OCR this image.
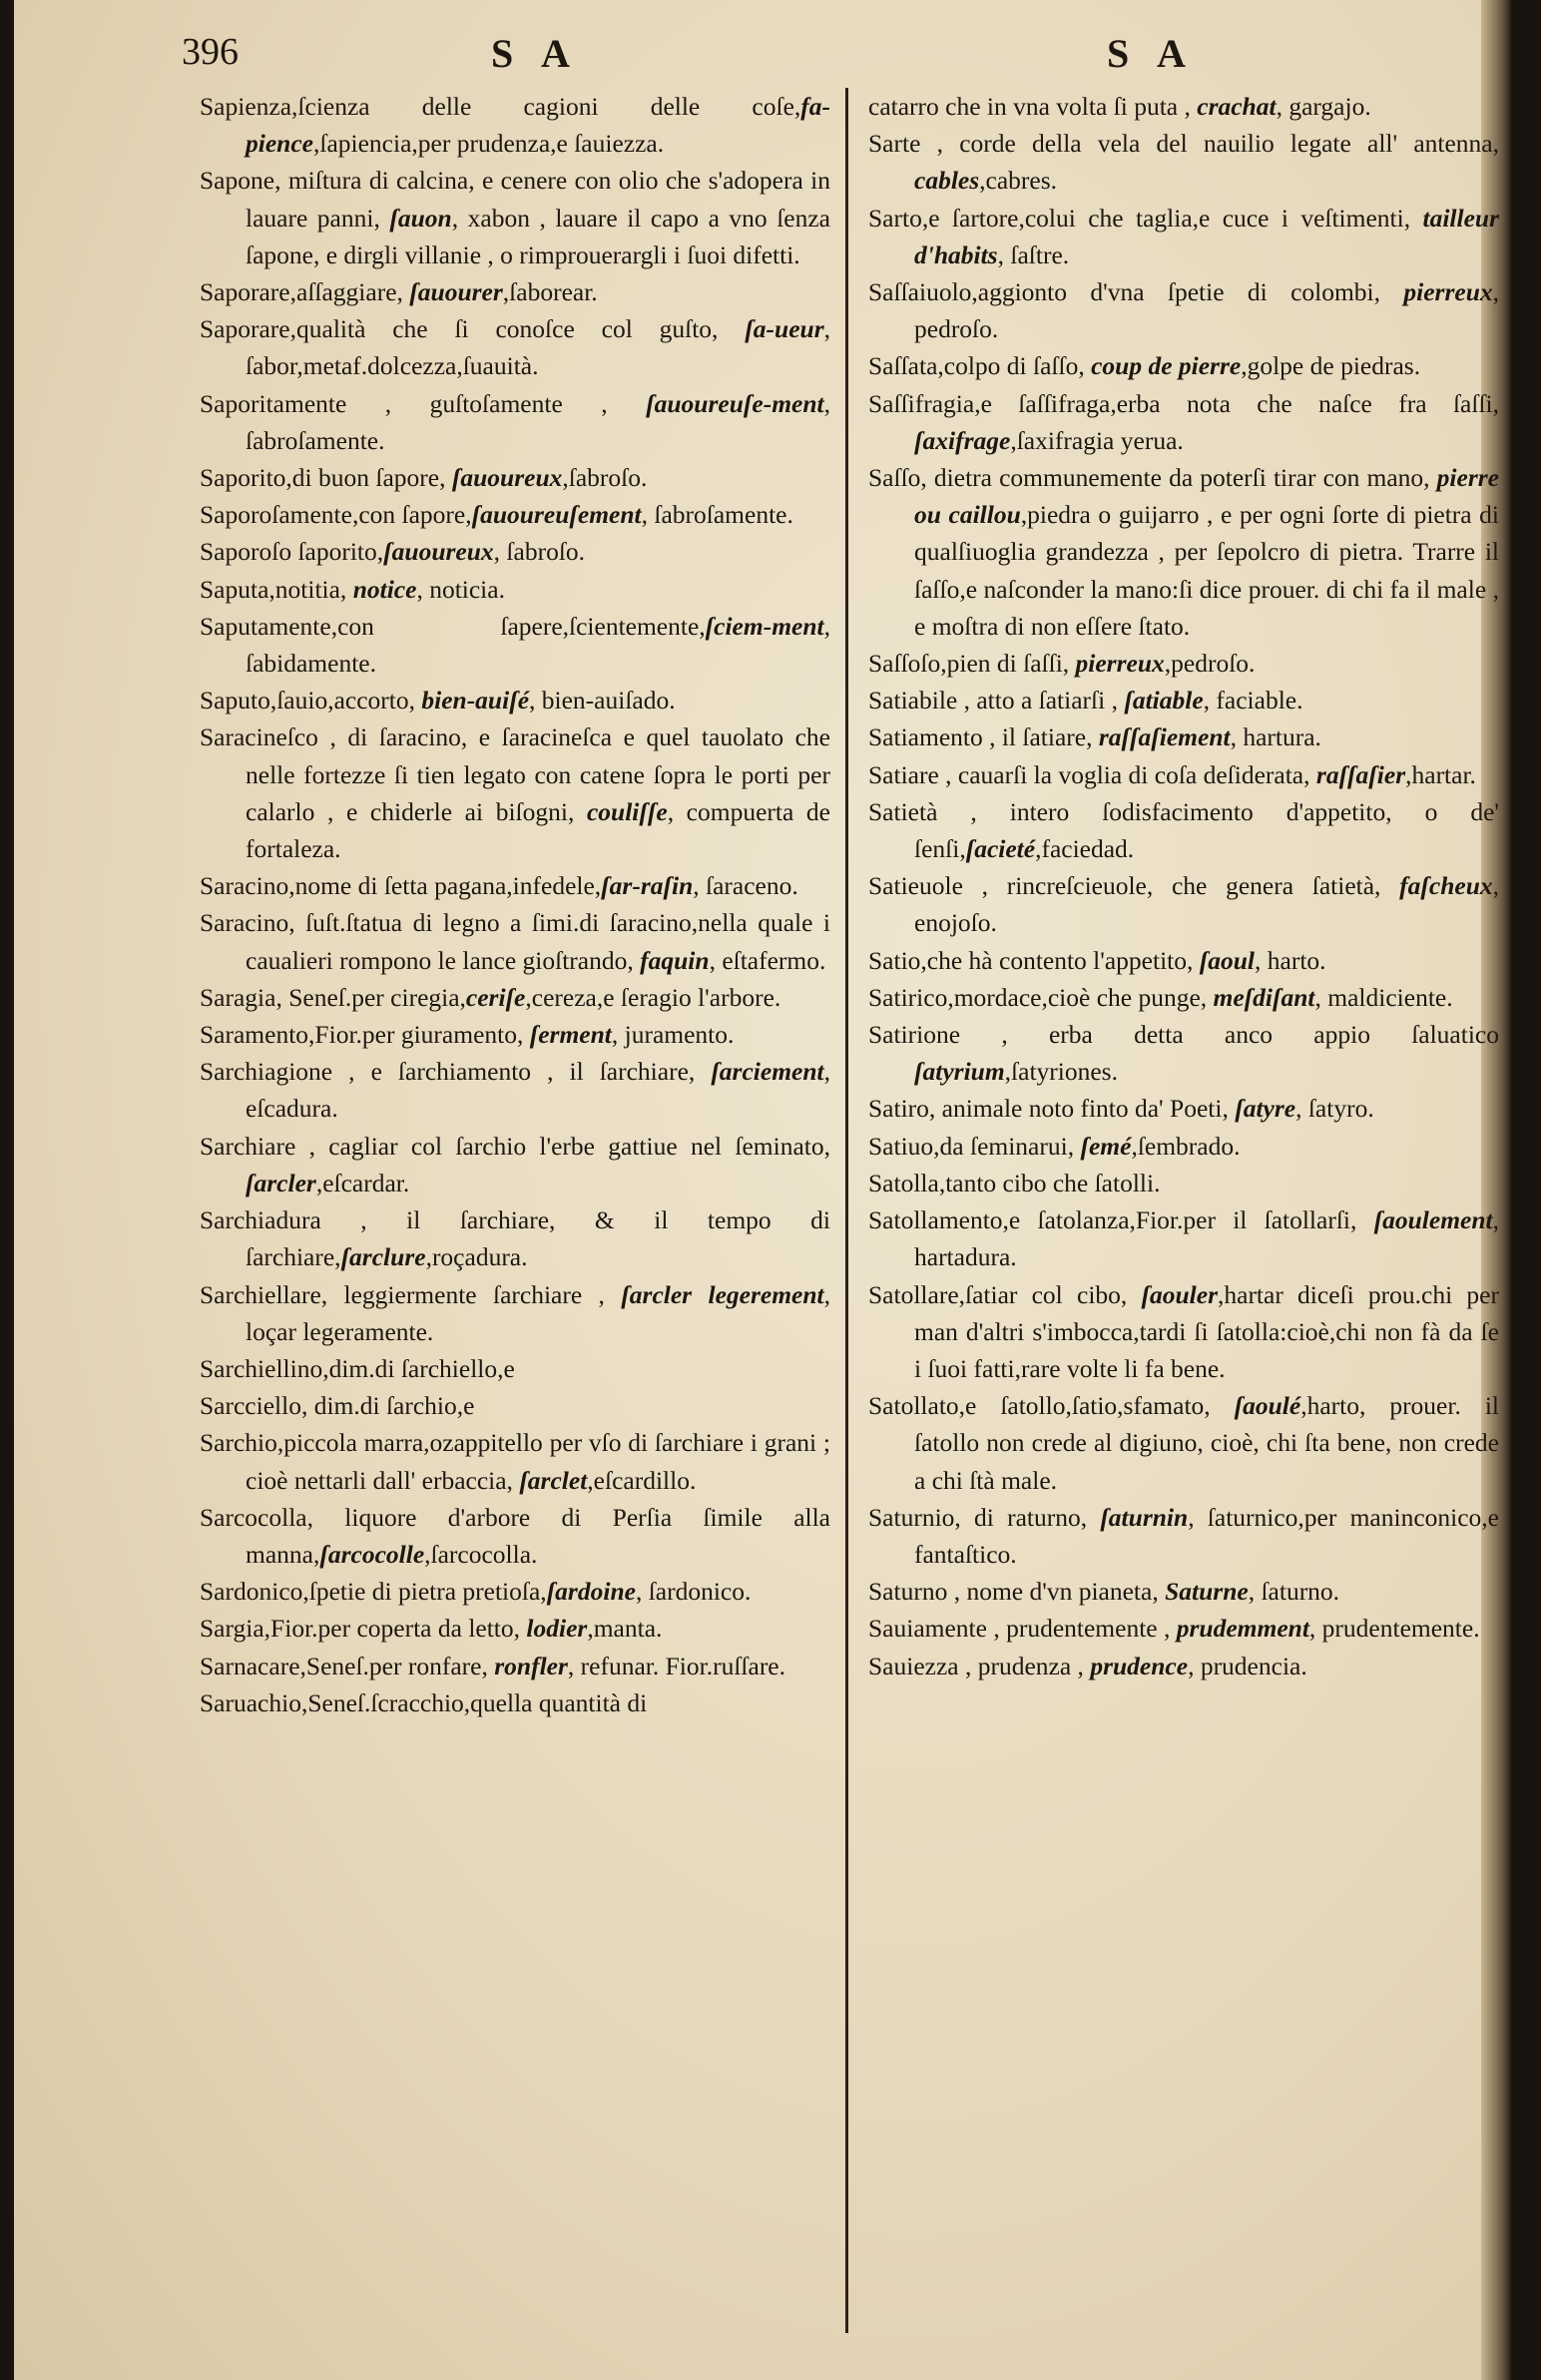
396	S A	S A
Sapienza,ſcienza delle cagioni delle coſe,fa-pience,ſapiencia,per prudenza,e ſauiezza.
Sapone, miſtura di calcina, e cenere con olio che s'adopera in lauare panni, ſauon, xabon , lauare il capo a vno ſenza ſapone, e dirgli villanie , o rimprouerargli i ſuoi difetti.
Saporare,aſſaggiare, ſauourer,ſaborear.
Saporare,qualità che ſi conoſce col guſto, ſa-ueur, ſabor,metaf.dolcezza,ſuauità.
Saporitamente , guſtoſamente , ſauoureuſe-ment, ſabroſamente.
Saporito,di buon ſapore, ſauoureux,ſabroſo.
Saporoſamente,con ſapore,ſauoureuſement, ſabroſamente.
Saporoſo ſaporito,ſauoureux, ſabroſo.
Saputa,notitia, notice, noticia.
Saputamente,con ſapere,ſcientemente,ſciem-ment, ſabidamente.
Saputo,ſauio,accorto, bien-auiſé, bien-auiſado.
Saracineſco , di ſaracino, e ſaracineſca e quel tauolato che nelle fortezze ſi tien legato con catene ſopra le porti per calarlo , e chiderle ai biſogni, couliſſe, compuerta de fortaleza.
Saracino,nome di ſetta pagana,infedele,ſar-raſin, ſaraceno.
Saracino, ſuſt.ſtatua di legno a ſimi.di ſaracino,nella quale i caualieri rompono le lance gioſtrando, faquin, eſtafermo.
Saragia, Seneſ.per ciregia,ceriſe,cereza,e ſeragio l'arbore.
Saramento,Fior.per giuramento, ſerment, juramento.
Sarchiagione , e ſarchiamento , il ſarchiare, ſarciement, eſcadura.
Sarchiare , cagliar col ſarchio l'erbe gattiue nel ſeminato, ſarcler,eſcardar.
Sarchiadura , il ſarchiare, & il tempo di ſarchiare,ſarclure,roçadura.
Sarchiellare, leggiermente ſarchiare , ſarcler legerement, loçar legeramente.
Sarchiellino,dim.di ſarchiello,e
Sarcciello, dim.di ſarchio,e
Sarchio,piccola marra,ozappitello per vſo di ſarchiare i grani ; cioè nettarli dall' erbaccia, ſarclet,eſcardillo.
Sarcocolla, liquore d'arbore di Perſia ſimile alla manna,ſarcocolle,ſarcocolla.
Sardonico,ſpetie di pietra pretioſa,ſardoine, ſardonico.
Sargia,Fior.per coperta da letto, lodier,manta.
Sarnacare,Seneſ.per ronfare, ronfler, refunar. Fior.ruſſare.
Saruachio,Seneſ.ſcracchio,quella quantità di
catarro che in vna volta ſi puta , crachat, gargajo.
Sarte , corde della vela del nauilio legate all' antenna, cables,cabres.
Sarto,e ſartore,colui che taglia,e cuce i veſtimenti, tailleur d'habits, ſaſtre.
Saſſaiuolo,aggionto d'vna ſpetie di colombi, pierreux, pedroſo.
Saſſata,colpo di ſaſſo, coup de pierre,golpe de piedras.
Saſſifragia,e ſaſſifraga,erba nota che naſce fra ſaſſi, ſaxifrage,ſaxifragia yerua.
Saſſo, dietra communemente da poterſi tirar con mano, pierre ou caillou,piedra o guijarro , e per ogni ſorte di pietra di qualſiuoglia grandezza , per ſepolcro di pietra. Trarre il ſaſſo,e naſconder la mano:ſi dice prouer. di chi fa il male , e moſtra di non eſſere ſtato.
Saſſoſo,pien di ſaſſi, pierreux,pedroſo.
Satiabile , atto a ſatiarſi , ſatiable, faciable.
Satiamento , il ſatiare, raſſaſiement, hartura.
Satiare , cauarſi la voglia di coſa deſiderata, raſſaſier,hartar.
Satietà , intero ſodisfacimento d'appetito, o de' ſenſi,ſacieté,faciedad.
Satieuole , rincreſcieuole, che genera ſatietà, faſcheux, enojoſo.
Satio,che hà contento l'appetito, ſaoul, harto.
Satirico,mordace,cioè che punge, meſdiſant, maldiciente.
Satirione , erba detta anco appio ſaluatico ſatyrium,ſatyriones.
Satiro, animale noto finto da' Poeti, ſatyre, ſatyro.
Satiuo,da ſeminarui, ſemé,ſembrado.
Satolla,tanto cibo che ſatolli.
Satollamento,e ſatolanza,Fior.per il ſatollarſi, ſaoulement, hartadura.
Satollare,ſatiar col cibo, ſaouler,hartar diceſi prou.chi per man d'altri s'imbocca,tardi ſi ſatolla:cioè,chi non fà da ſe i ſuoi fatti,rare volte li fa bene.
Satollato,e ſatollo,ſatio,sfamato, ſaoulé,harto, prouer. il ſatollo non crede al digiuno, cioè, chi ſta bene, non crede a chi ſtà male.
Saturnio, di raturno, ſaturnin, ſaturnico,per maninconico,e fantaſtico.
Saturno , nome d'vn pianeta, Saturne, ſaturno.
Sauiamente , prudentemente , prudemment, prudentemente.
Sauiezza , prudenza , prudence, prudencia.
